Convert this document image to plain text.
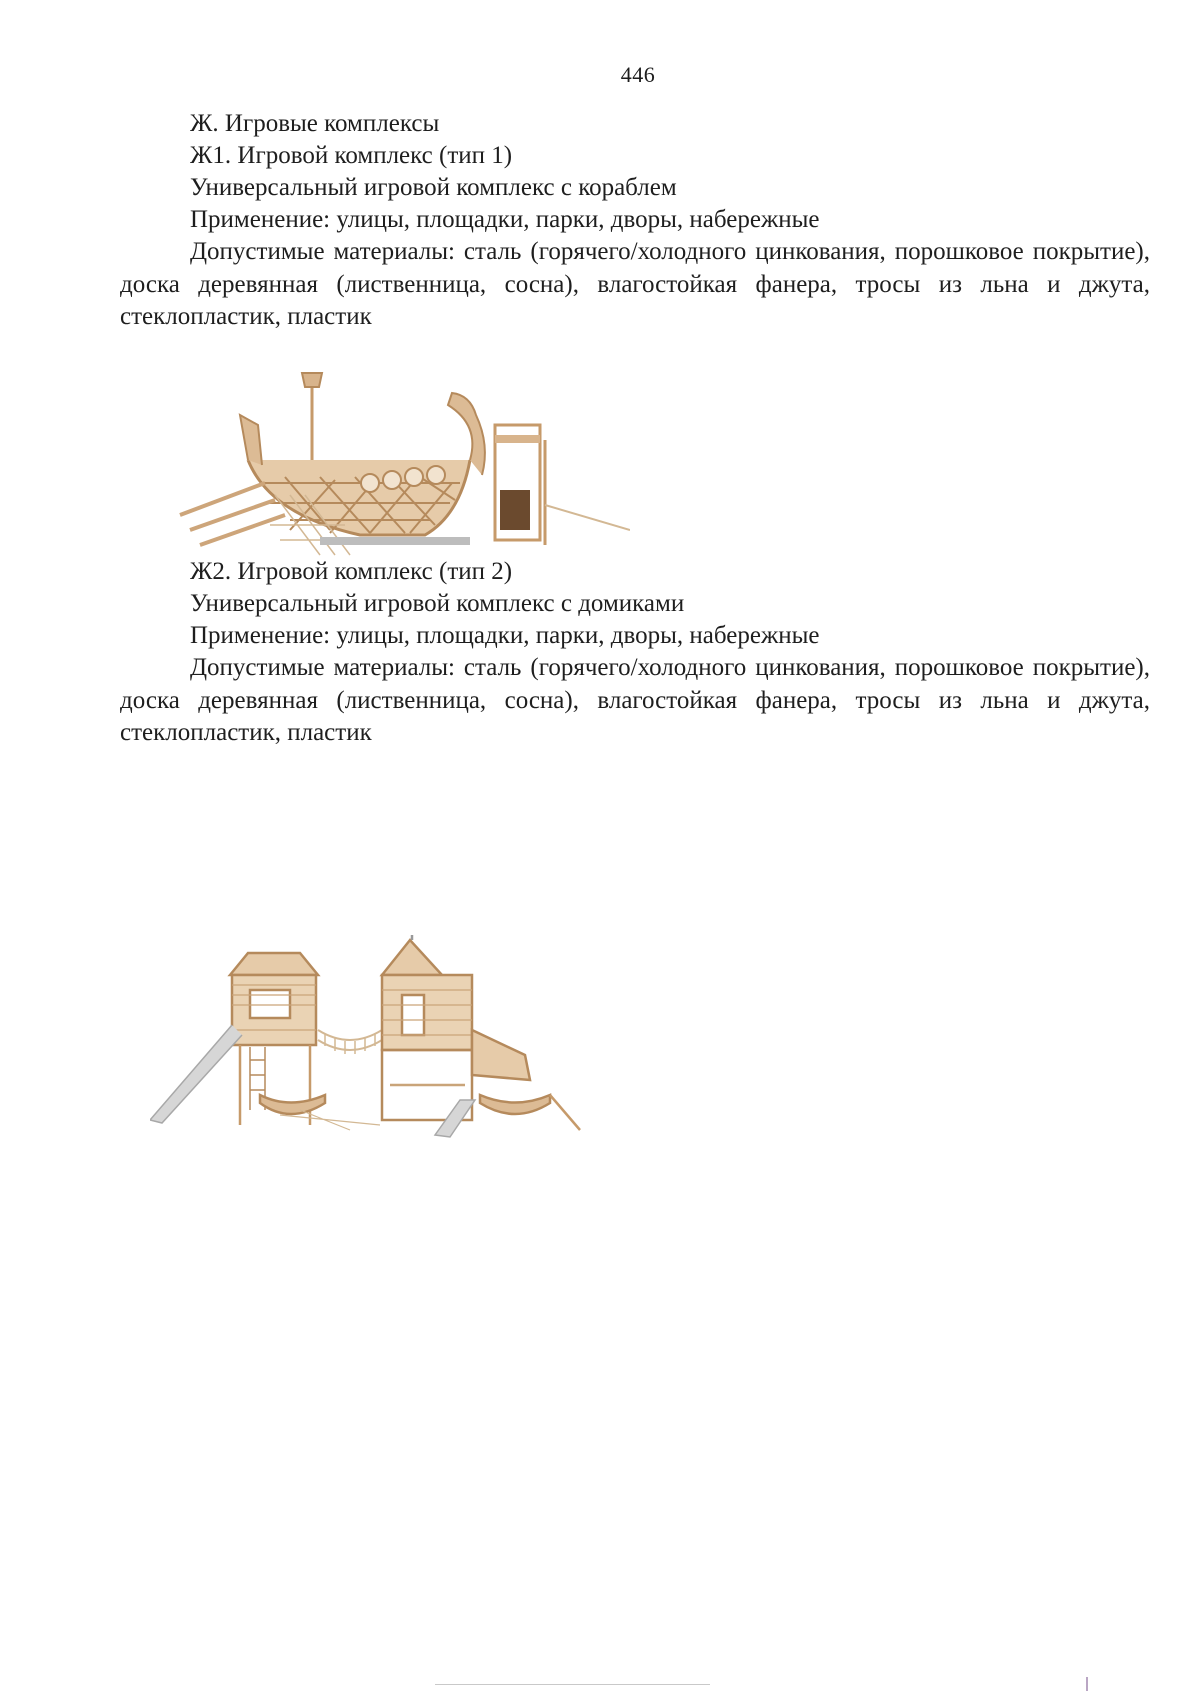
446
Ж. Игровые комплексы
Ж1. Игровой комплекс (тип 1)
Универсальный игровой комплекс с кораблем
Применение: улицы, площадки, парки, дворы, набережные
Допустимые материалы: сталь (горячего/холодного цинкования, порошковое покрытие), доска деревянная (лиственница, сосна), влагостойкая фанера, тросы из льна и джута, стеклопластик, пластик
Ж2. Игровой комплекс (тип 2)
Универсальный игровой комплекс с домиками
Применение: улицы, площадки, парки, дворы, набережные
Допустимые материалы: сталь (горячего/холодного цинкования, порошковое покрытие), доска деревянная (лиственница, сосна), влагостойкая фанера, тросы из льна и джута, стеклопластик, пластик
